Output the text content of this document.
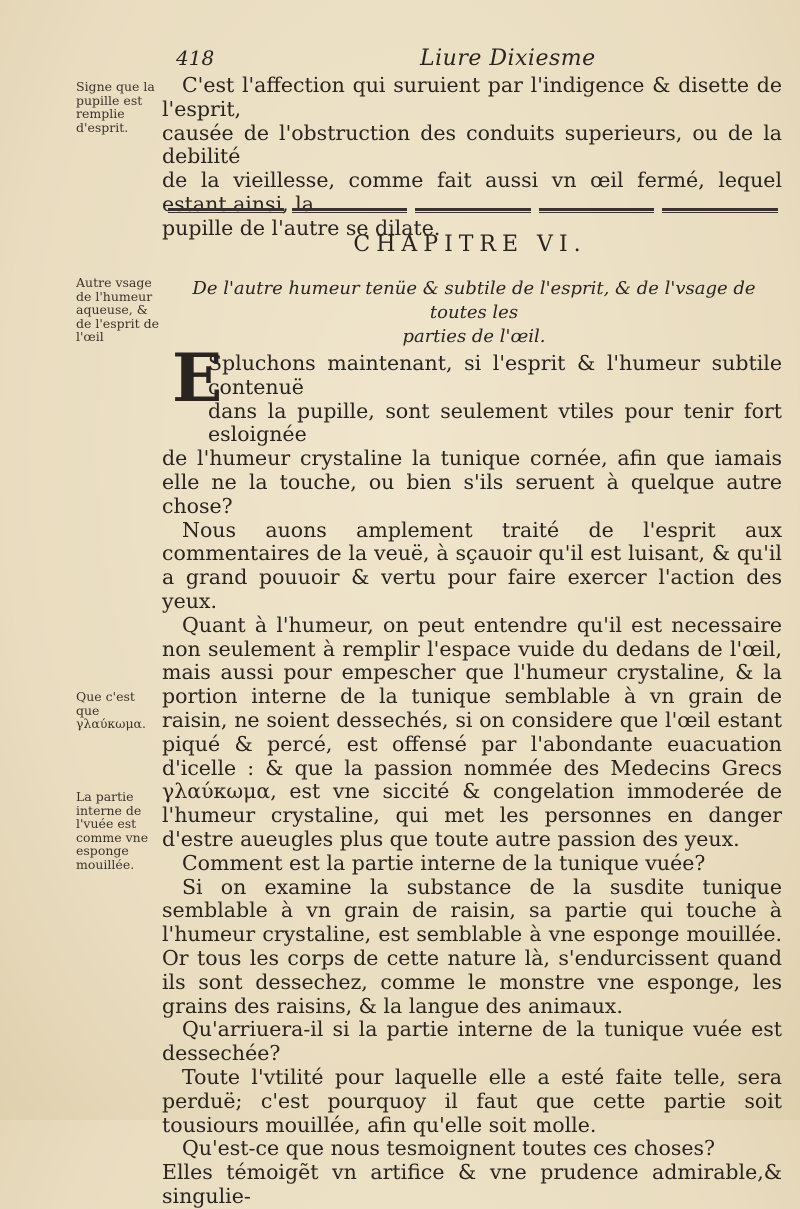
418	Liure Dixiesme
Signe que la pupille est remplie d'esprit.

C'est l'affection qui suruient par l'indigence & disette de l'esprit,

causée de l'obstruction des conduits superieurs, ou de la debilité

de la vieillesse, comme fait aussi vn œil fermé, lequel estant ainsi, la

pupille de l'autre se dilate.

CHAPITRE VI.
Autre vsage de l'humeur aqueuse, & de l'esprit de l'œil
De l'autre humeur tenüe & subtile de l'esprit, & de l'vsage de toutes les
parties de l'œil.
E

Spluchons maintenant, si l'esprit & l'humeur subtile contenuë

dans la pupille, sont seulement vtiles pour tenir fort esloignée

de l'humeur crystaline la tunique cornée, afin que iamais elle ne la touche, ou bien s'ils seruent à quelque autre chose?

Nous auons amplement traité de l'esprit aux commentaires de la veuë, à sçauoir qu'il est luisant, & qu'il a grand pouuoir & vertu pour faire exercer l'action des yeux.

Quant à l'humeur, on peut entendre qu'il est necessaire non seulement à remplir l'espace vuide du dedans de l'œil, mais aussi pour empescher que l'humeur crystaline, & la portion interne de la tunique semblable à vn grain de raisin, ne soient dessechés, si on considere que l'œil estant piqué & percé, est offensé par l'abondante euacuation d'icelle : & que la passion nommée des Medecins Grecs γλαύκωμα, est vne siccité & congelation immoderée de l'humeur crystaline, qui met les personnes en danger d'estre aueugles plus que toute autre passion des yeux.

Comment est la partie interne de la tunique vuée?

Si on examine la substance de la susdite tunique semblable à vn grain de raisin, sa partie qui touche à l'humeur crystaline, est semblable à vne esponge mouillée. Or tous les corps de cette nature là, s'endurcissent quand ils sont dessechez, comme le monstre vne esponge, les grains des raisins, & la langue des animaux.

Qu'arriuera-il si la partie interne de la tunique vuée est dessechée?

Toute l'vtilité pour laquelle elle a esté faite telle, sera perduë; c'est pourquoy il faut que cette partie soit tousiours mouillée, afin qu'elle soit molle.

Qu'est-ce que nous tesmoignent toutes ces choses?

Elles témoigẽt vn artifice & vne prudence admirable,& singulie-

Que c'est que γλαύκωμα.
La partie interne de l'vuée est comme vne esponge mouillée.
